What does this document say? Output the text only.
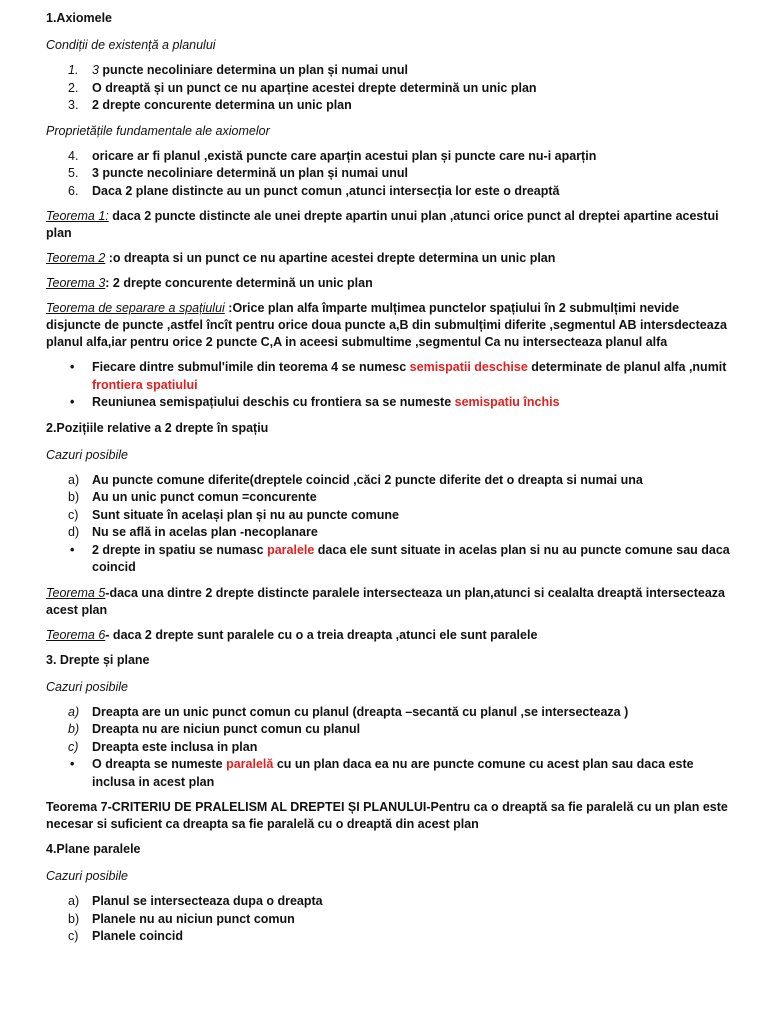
1.Axiomele
Condiții de existență a planului
1. 3 puncte necoliniare determina un plan și numai unul
2. O dreaptă și un punct ce nu aparține acestei drepte determină un unic plan
3. 2 drepte concurente determina un unic plan
Proprietățile fundamentale ale axiomelor
4. oricare ar fi planul ,există puncte care aparțin acestui plan și puncte care nu-i aparțin
5. 3 puncte necoliniare determină un plan și numai unul
6. Daca 2 plane distincte au un punct comun ,atunci intersecția lor este o dreaptă
Teorema 1: daca 2 puncte distincte ale unei drepte apartin unui plan ,atunci orice punct al dreptei apartine acestui plan
Teorema 2 :o dreapta si un punct ce nu apartine acestei drepte determina un unic plan
Teorema 3: 2 drepte concurente determină un unic plan
Teorema de separare a spațiului :Orice plan alfa împarte mulțimea punctelor spațiului în 2 submulțimi nevide disjuncte de puncte ,astfel încît pentru orice doua puncte a,B din submulțimi diferite ,segmentul AB intersdecteaza planul alfa,iar pentru orice 2 puncte C,A in aceesi submultime ,segmentul Ca nu intersecteaza planul alfa
• Fiecare dintre submul'imile din teorema 4 se numesc semispatii deschise determinate de planul alfa ,numit frontiera spatiului
• Reuniunea semispațiului deschis cu frontiera sa se numeste semispatiu închis
2.Pozițiile relative a 2 drepte în spațiu
Cazuri posibile
a) Au puncte comune diferite(dreptele coincid ,căci 2 puncte diferite det o dreapta si numai una
b) Au un unic punct comun =concurente
c) Sunt situate în același plan și nu au puncte comune
d) Nu se află in acelas plan -necoplanare
• 2 drepte in spatiu se numasc paralele daca ele sunt situate in acelas plan si nu au puncte comune sau daca coincid
Teorema 5-daca una dintre 2 drepte distincte paralele intersecteaza un plan,atunci si cealalta dreaptă intersecteaza acest plan
Teorema 6- daca 2 drepte sunt paralele cu o a treia dreapta ,atunci ele sunt paralele
3. Drepte și plane
Cazuri posibile
a) Dreapta are un unic punct comun cu planul (dreapta –secantă cu planul ,se intersecteaza )
b) Dreapta nu are niciun punct comun cu planul
c) Dreapta este inclusa in plan
• O dreapta se numeste paralelă cu un plan daca ea nu are puncte comune cu acest plan sau daca este inclusa in acest plan
Teorema 7-CRITERIU DE PRALELISM AL DREPTEI ȘI PLANULUI-Pentru ca o dreaptă sa fie paralelă cu un plan este necesar si suficient ca dreapta sa fie paralelă cu o dreaptă din acest plan
4.Plane paralele
Cazuri posibile
a) Planul se intersecteaza dupa o dreapta
b) Planele nu au niciun punct comun
c) Planele coincid
